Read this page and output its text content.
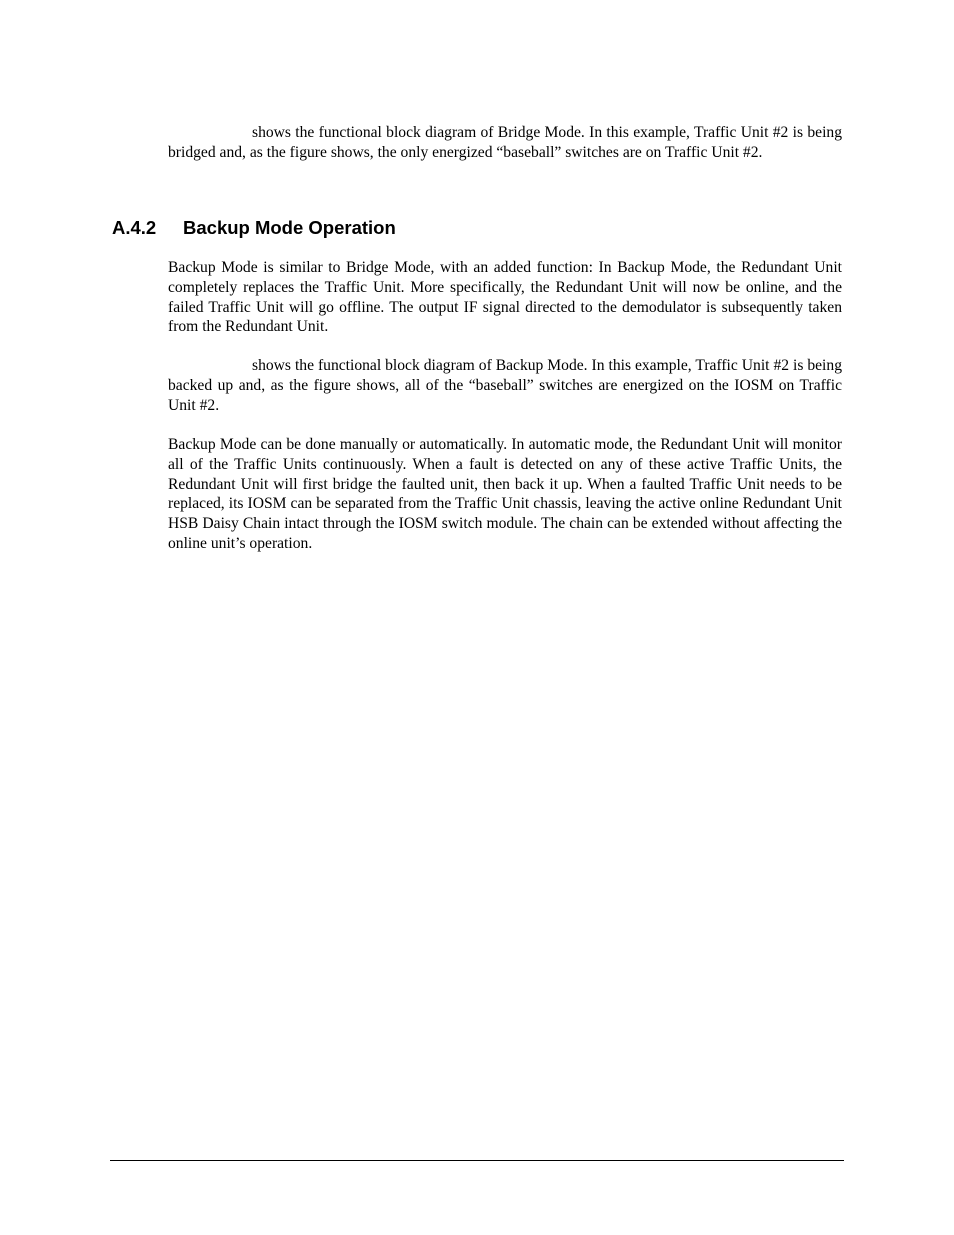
shows the functional block diagram of Bridge Mode. In this example, Traffic Unit #2 is being bridged and, as the figure shows, the only energized “baseball” switches are on Traffic Unit #2.

A.4.2 Backup Mode Operation

Backup Mode is similar to Bridge Mode, with an added function: In Backup Mode, the Redundant Unit completely replaces the Traffic Unit. More specifically, the Redundant Unit will now be online, and the failed Traffic Unit will go offline. The output IF signal directed to the demodulator is subsequently taken from the Redundant Unit.

shows the functional block diagram of Backup Mode. In this example, Traffic Unit #2 is being backed up and, as the figure shows, all of the “baseball” switches are energized on the IOSM on Traffic Unit #2.

Backup Mode can be done manually or automatically. In automatic mode, the Redundant Unit will monitor all of the Traffic Units continuously. When a fault is detected on any of these active Traffic Units, the Redundant Unit will first bridge the faulted unit, then back it up. When a faulted Traffic Unit needs to be replaced, its IOSM can be separated from the Traffic Unit chassis, leaving the active online Redundant Unit HSB Daisy Chain intact through the IOSM switch module. The chain can be extended without affecting the online unit’s operation.
